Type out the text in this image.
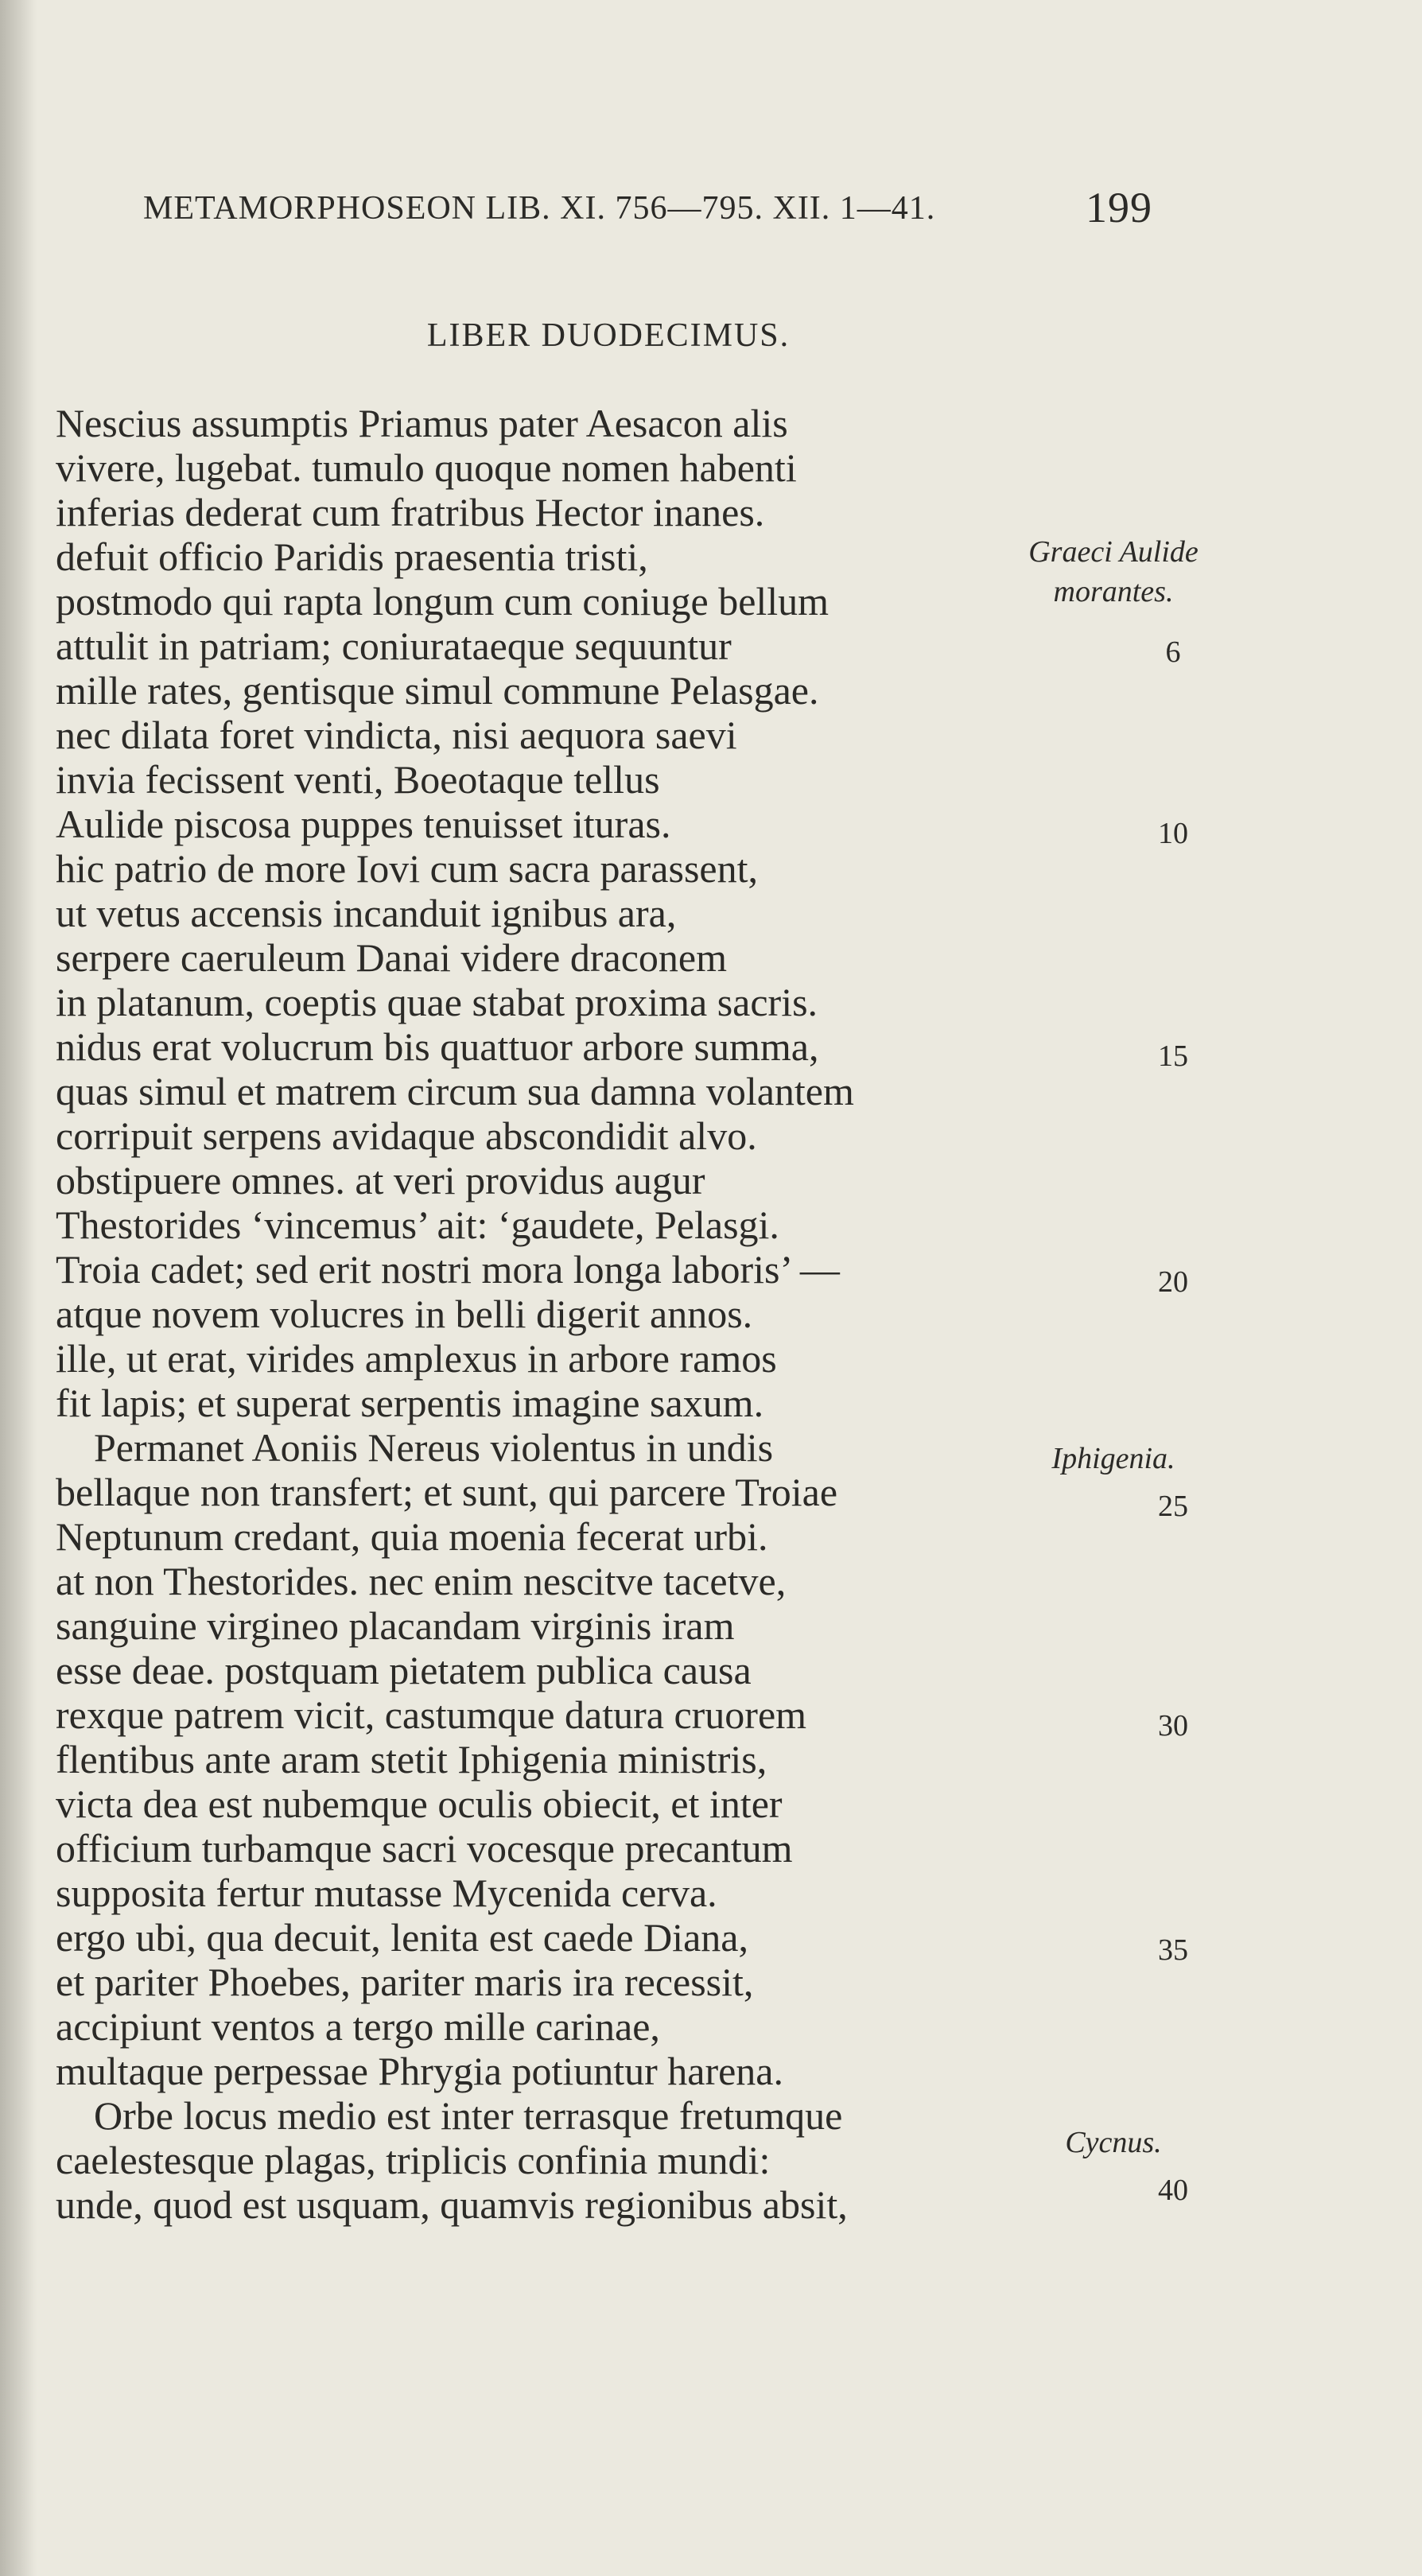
METAMORPHOSEON LIB. XI. 756—795. XII. 1—41.	199
LIBER DUODECIMUS.
Nescius assumptis Priamus pater Aesacon alis
vivere, lugebat. tumulo quoque nomen habenti
inferias dederat cum fratribus Hector inanes.
defuit officio Paridis praesentia tristi,
postmodo qui rapta longum cum coniuge bellum
attulit in patriam; coniurataeque sequuntur
mille rates, gentisque simul commune Pelasgae.
nec dilata foret vindicta, nisi aequora saevi
invia fecissent venti, Boeotaque tellus
Aulide piscosa puppes tenuisset ituras.
hic patrio de more Iovi cum sacra parassent,
ut vetus accensis incanduit ignibus ara,
serpere caeruleum Danai videre draconem
in platanum, coeptis quae stabat proxima sacris.
nidus erat volucrum bis quattuor arbore summa,
quas simul et matrem circum sua damna volantem
corripuit serpens avidaque abscondidit alvo.
obstipuere omnes. at veri providus augur
Thestorides ‘vincemus’ ait: ‘gaudete, Pelasgi.
Troia cadet; sed erit nostri mora longa laboris’ —
atque novem volucres in belli digerit annos.
ille, ut erat, virides amplexus in arbore ramos
fit lapis; et superat serpentis imagine saxum.
Permanet Aoniis Nereus violentus in undis
bellaque non transfert; et sunt, qui parcere Troiae
Neptunum credant, quia moenia fecerat urbi.
at non Thestorides. nec enim nescitve tacetve,
sanguine virgineo placandam virginis iram
esse deae. postquam pietatem publica causa
rexque patrem vicit, castumque datura cruorem
flentibus ante aram stetit Iphigenia ministris,
victa dea est nubemque oculis obiecit, et inter
officium turbamque sacri vocesque precantum
supposita fertur mutasse Mycenida cerva.
ergo ubi, qua decuit, lenita est caede Diana,
et pariter Phoebes, pariter maris ira recessit,
accipiunt ventos a tergo mille carinae,
multaque perpessae Phrygia potiuntur harena.
Orbe locus medio est inter terrasque fretumque
caelestesque plagas, triplicis confinia mundi:
unde, quod est usquam, quamvis regionibus absit,
Graeci Aulide
morantes.
Iphigenia.
Cycnus.
6
10
15
20
25
30
35
40
